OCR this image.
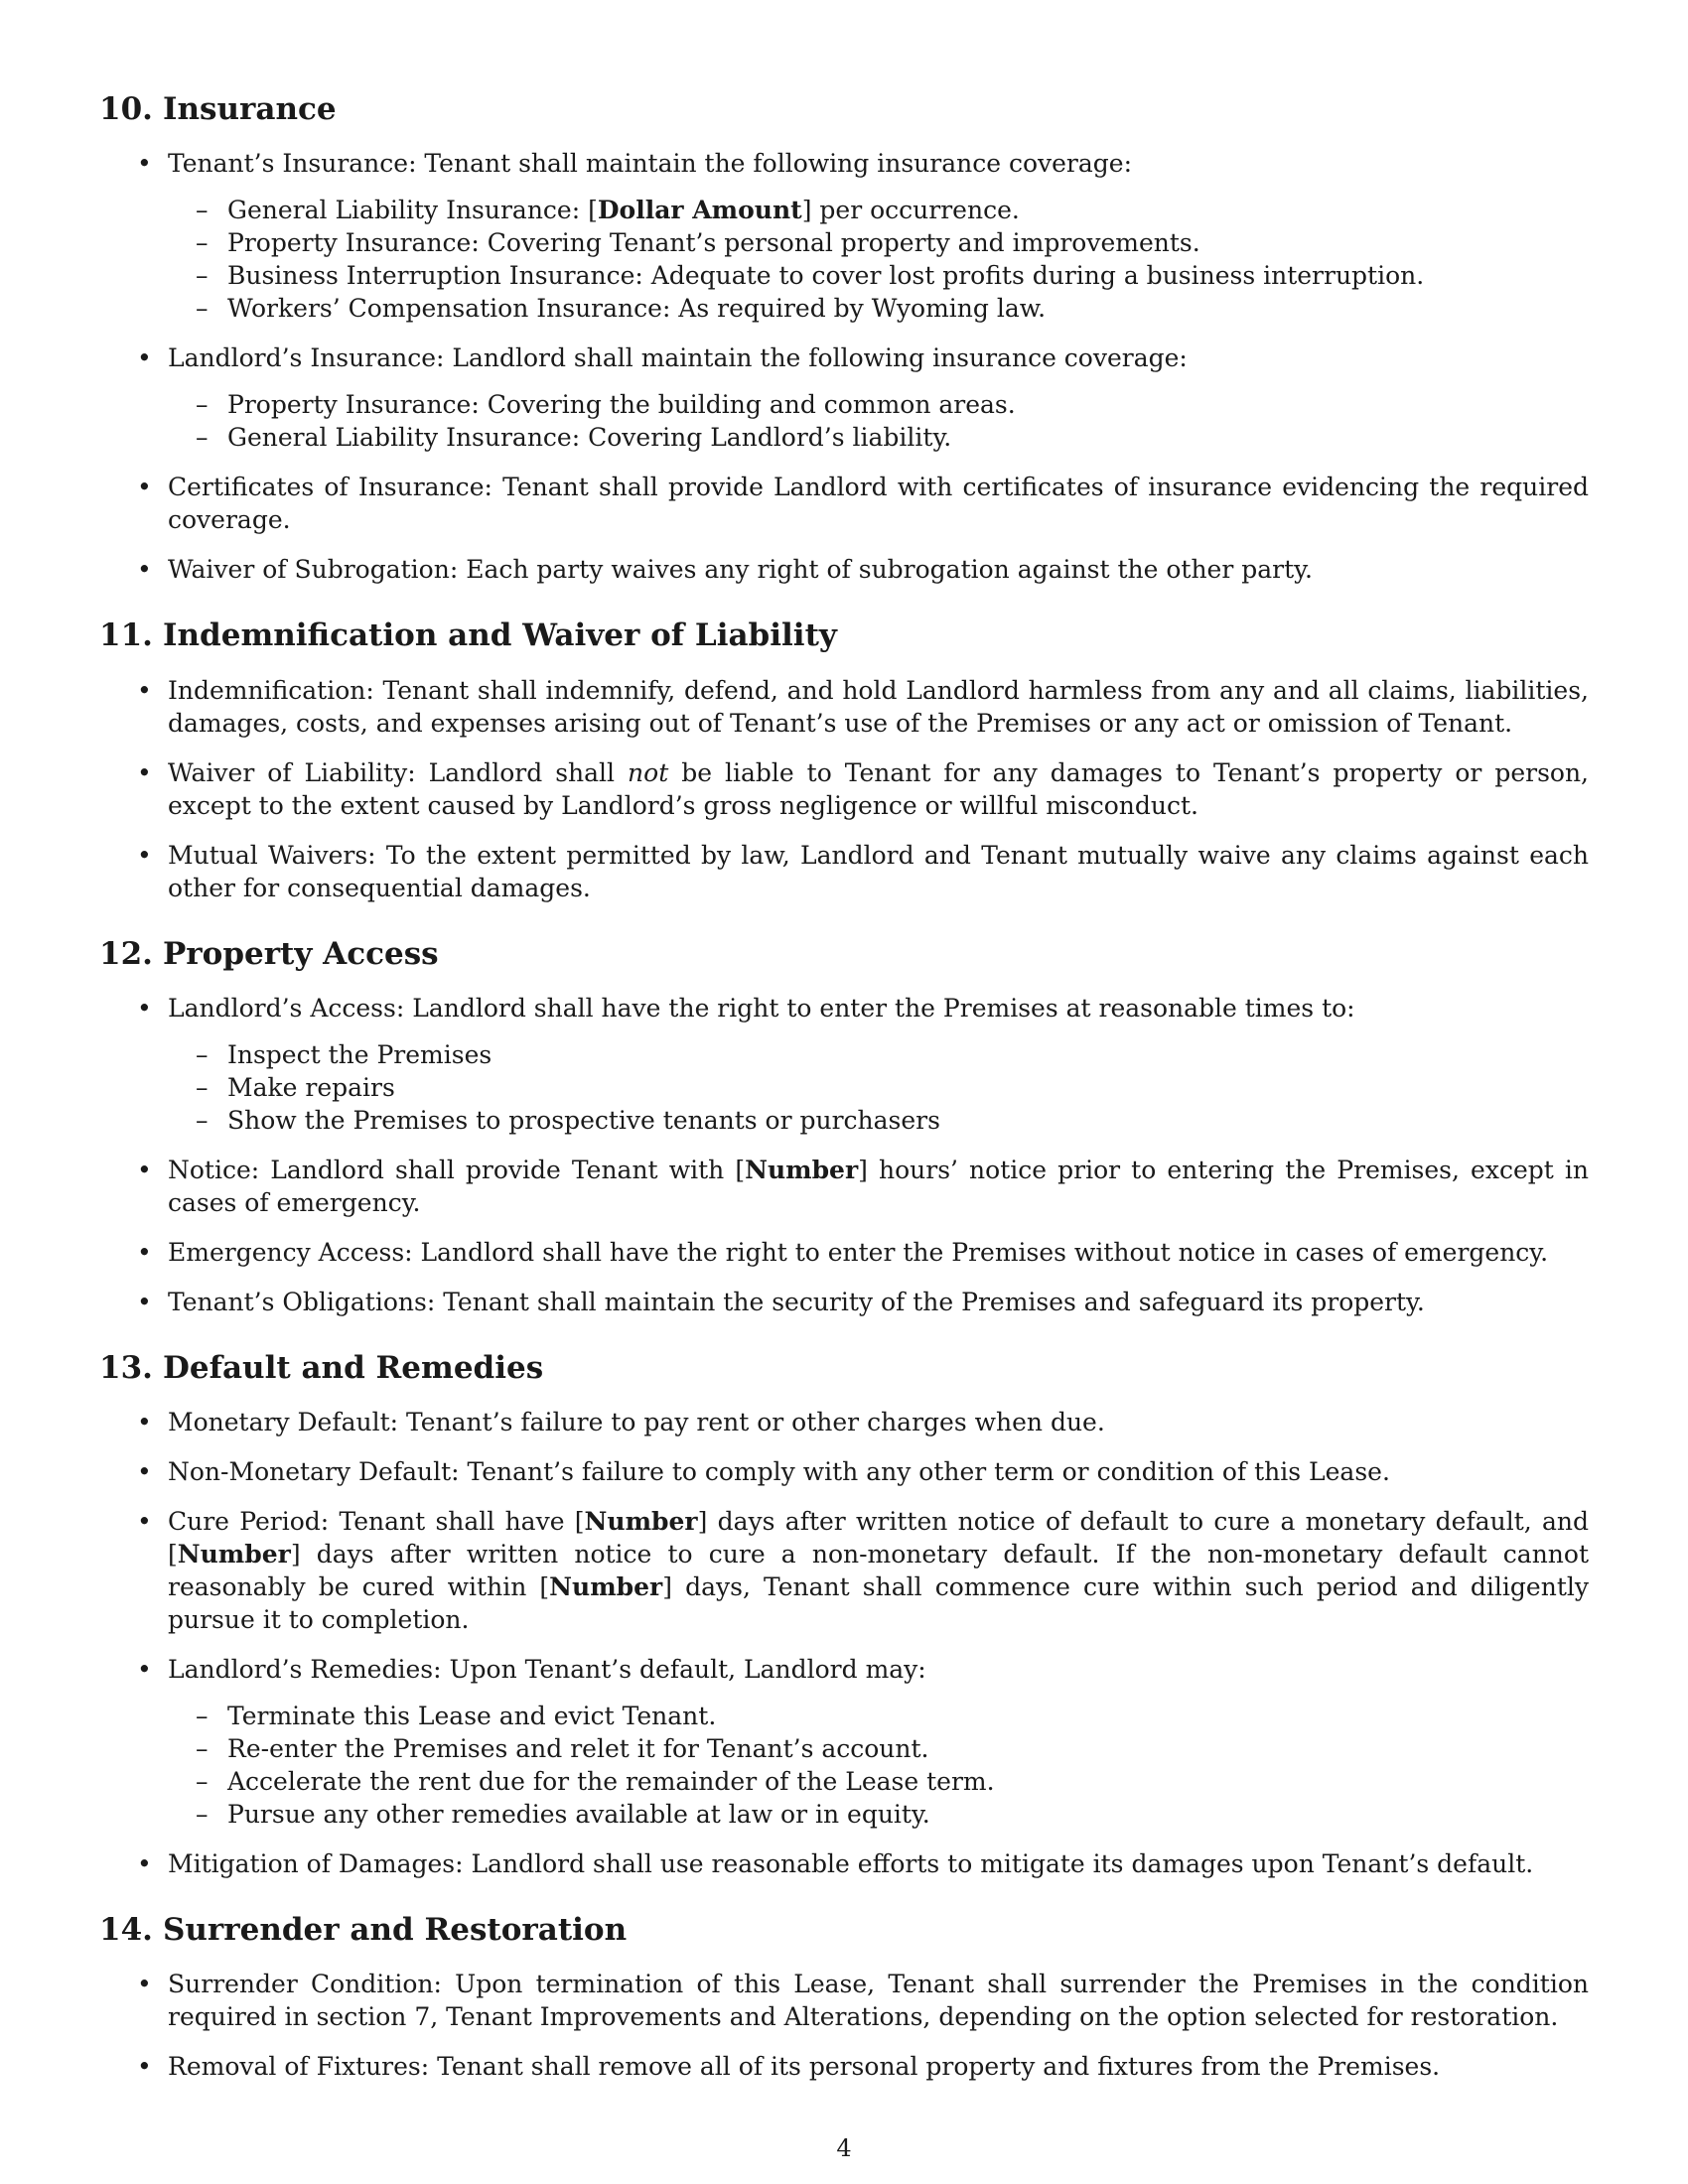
10. Insurance
• Tenant’s Insurance: Tenant shall maintain the following insurance coverage:
– General Liability Insurance: [Dollar Amount] per occurrence.
– Property Insurance: Covering Tenant’s personal property and improvements.
– Business Interruption Insurance: Adequate to cover lost profits during a business interruption.
– Workers’ Compensation Insurance: As required by Wyoming law.
• Landlord’s Insurance: Landlord shall maintain the following insurance coverage:
– Property Insurance: Covering the building and common areas.
– General Liability Insurance: Covering Landlord’s liability.
• Certificates of Insurance: Tenant shall provide Landlord with certificates of insurance evidencing the required coverage.
• Waiver of Subrogation: Each party waives any right of subrogation against the other party.
11. Indemnification and Waiver of Liability
• Indemnification: Tenant shall indemnify, defend, and hold Landlord harmless from any and all claims, liabilities, damages, costs, and expenses arising out of Tenant’s use of the Premises or any act or omission of Tenant.
• Waiver of Liability: Landlord shall not be liable to Tenant for any damages to Tenant’s property or person, except to the extent caused by Landlord’s gross negligence or willful misconduct.
• Mutual Waivers: To the extent permitted by law, Landlord and Tenant mutually waive any claims against each other for consequential damages.
12. Property Access
• Landlord’s Access: Landlord shall have the right to enter the Premises at reasonable times to:
– Inspect the Premises
– Make repairs
– Show the Premises to prospective tenants or purchasers
• Notice: Landlord shall provide Tenant with [Number] hours’ notice prior to entering the Premises, except in cases of emergency.
• Emergency Access: Landlord shall have the right to enter the Premises without notice in cases of emergency.
• Tenant’s Obligations: Tenant shall maintain the security of the Premises and safeguard its property.
13. Default and Remedies
• Monetary Default: Tenant’s failure to pay rent or other charges when due.
• Non-Monetary Default: Tenant’s failure to comply with any other term or condition of this Lease.
• Cure Period: Tenant shall have [Number] days after written notice of default to cure a monetary default, and [Number] days after written notice to cure a non-monetary default. If the non-monetary default cannot reasonably be cured within [Number] days, Tenant shall commence cure within such period and diligently pursue it to completion.
• Landlord’s Remedies: Upon Tenant’s default, Landlord may:
– Terminate this Lease and evict Tenant.
– Re-enter the Premises and relet it for Tenant’s account.
– Accelerate the rent due for the remainder of the Lease term.
– Pursue any other remedies available at law or in equity.
• Mitigation of Damages: Landlord shall use reasonable efforts to mitigate its damages upon Tenant’s default.
14. Surrender and Restoration
• Surrender Condition: Upon termination of this Lease, Tenant shall surrender the Premises in the condition required in section 7, Tenant Improvements and Alterations, depending on the option selected for restoration.
• Removal of Fixtures: Tenant shall remove all of its personal property and fixtures from the Premises.
4
